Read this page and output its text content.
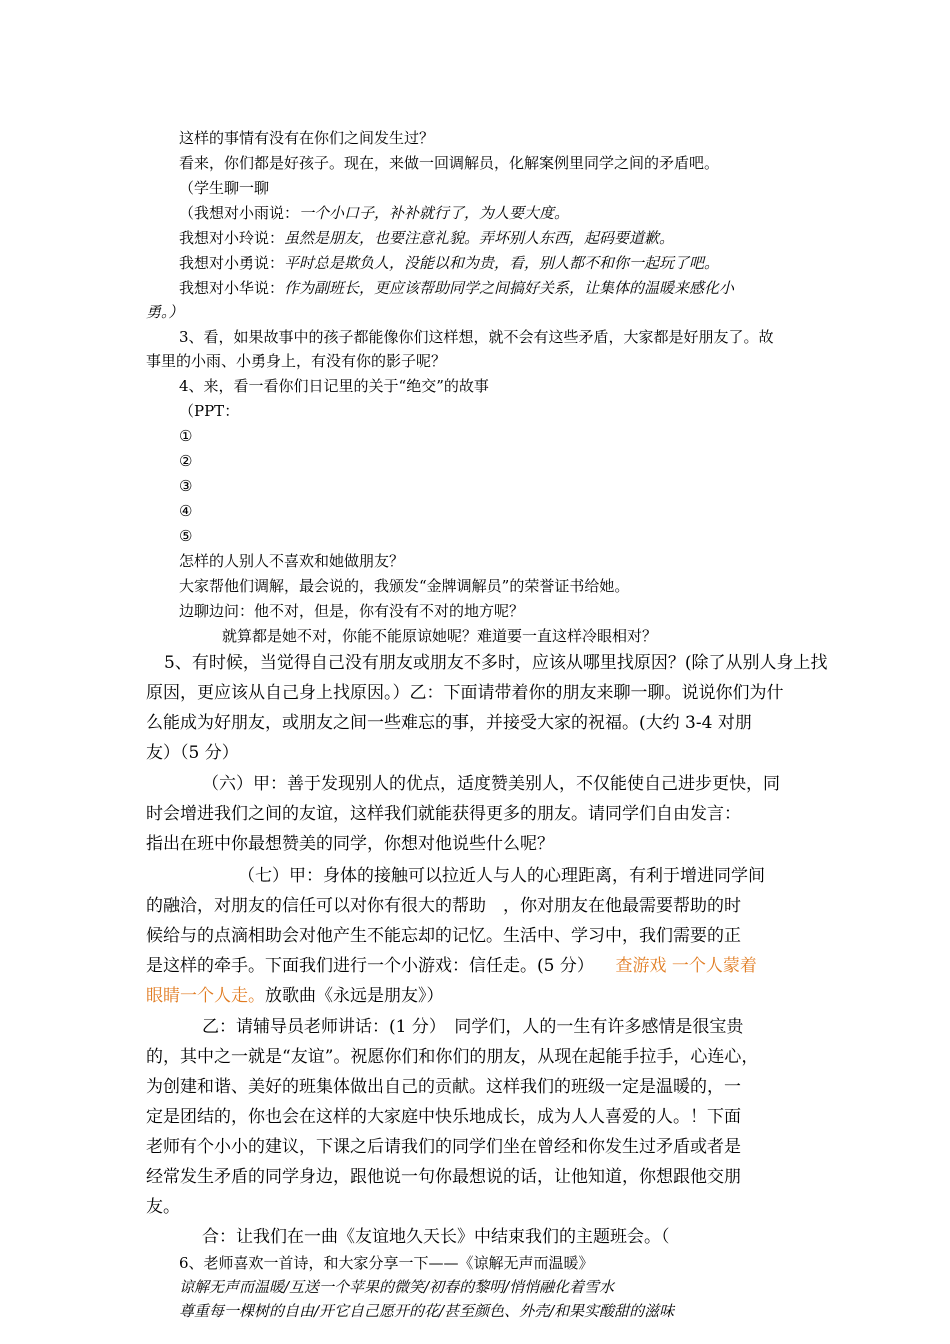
这样的事情有没有在你们之间发生过？
看来，你们都是好孩子。现在，来做一回调解员，化解案例里同学之间的矛盾吧。
（学生聊一聊
（我想对小雨说：一个小口子，补补就行了，为人要大度。
我想对小玲说：虽然是朋友，也要注意礼貌。弄坏别人东西，起码要道歉。
我想对小勇说：平时总是欺负人，没能以和为贵，看，别人都不和你一起玩了吧。
我想对小华说：作为副班长，更应该帮助同学之间搞好关系，让集体的温暖来感化小
勇。）
3、看，如果故事中的孩子都能像你们这样想，就不会有这些矛盾，大家都是好朋友了。故
事里的小雨、小勇身上，有没有你的影子呢？
4、来，看一看你们日记里的关于“绝交”的故事
（PPT：
①
②
③
④
⑤
怎样的人别人不喜欢和她做朋友？
大家帮他们调解，最会说的，我颁发“金牌调解员”的荣誉证书给她。
边聊边问：他不对，但是，你有没有不对的地方呢？
就算都是她不对，你能不能原谅她呢？难道要一直这样冷眼相对？
5、有时候，当觉得自己没有朋友或朋友不多时，应该从哪里找原因？(除了从别人身上找
原因，更应该从自己身上找原因。）乙：下面请带着你的朋友来聊一聊。说说你们为什
么能成为好朋友，或朋友之间一些难忘的事，并接受大家的祝福。(大约 3-4 对朋
友）（5 分）
（六）甲：善于发现别人的优点，适度赞美别人，不仅能使自己进步更快，同
时会增进我们之间的友谊，这样我们就能获得更多的朋友。请同学们自由发言：
指出在班中你最想赞美的同学，你想对他说些什么呢？
（七）甲：身体的接触可以拉近人与人的心理距离，有利于增进同学间
的融洽，对朋友的信任可以对你有很大的帮助　，你对朋友在他最需要帮助的时
候给与的点滴相助会对他产生不能忘却的记忆。生活中、学习中，我们需要的正
是这样的牵手。下面我们进行一个小游戏：信任走。(5 分） 查游戏 一个人蒙着
眼睛一个人走。放歌曲《永远是朋友》）
乙：请辅导员老师讲话：(1 分）　同学们，人的一生有许多感情是很宝贵
的，其中之一就是“友谊”。祝愿你们和你们的朋友，从现在起能手拉手，心连心，
为创建和谐、美好的班集体做出自己的贡献。这样我们的班级一定是温暖的，一
定是团结的，你也会在这样的大家庭中快乐地成长，成为人人喜爱的人。！下面
老师有个小小的建议，下课之后请我们的同学们坐在曾经和你发生过矛盾或者是
经常发生矛盾的同学身边，跟他说一句你最想说的话，让他知道，你想跟他交朋
友。
合：让我们在一曲《友谊地久天长》中结束我们的主题班会。（
6、老师喜欢一首诗，和大家分享一下——《谅解无声而温暖》
谅解无声而温暖/互送一个苹果的微笑/初春的黎明/悄悄融化着雪水
尊重每一棵树的自由/开它自己愿开的花/甚至颜色、外壳/和果实酸甜的滋味
